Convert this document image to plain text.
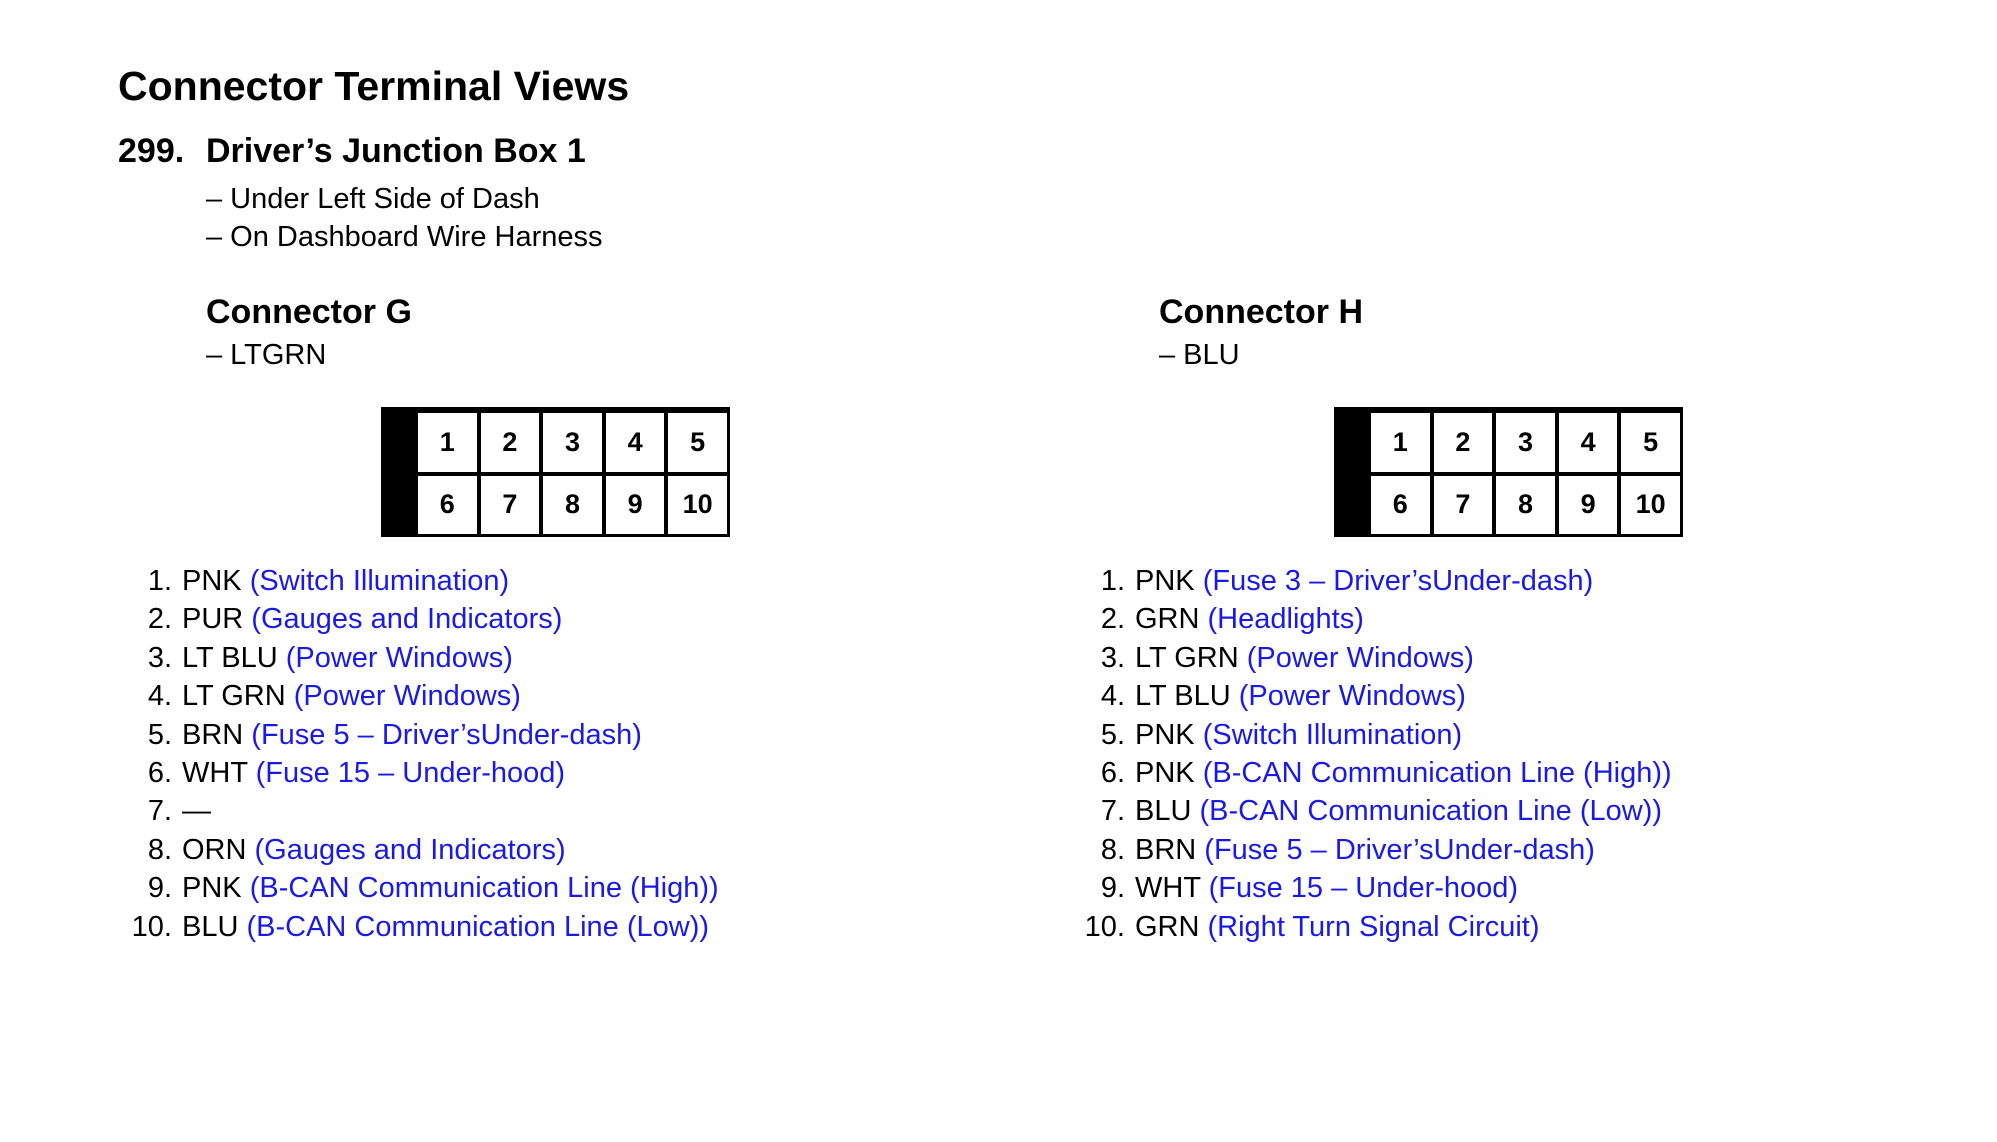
Connector Terminal Views
299. Driver’s Junction Box 1
– Under Left Side of Dash
– On Dashboard Wire Harness
Connector G
– LTGRN
1	2	3	4	5
6	7	8	9	10
1. PNK (Switch Illumination)
2. PUR (Gauges and Indicators)
3. LT BLU (Power Windows)
4. LT GRN (Power Windows)
5. BRN (Fuse 5 – Driver’sUnder-dash)
6. WHT (Fuse 15 – Under-hood)
7. —
8. ORN (Gauges and Indicators)
9. PNK (B-CAN Communication Line (High))
10. BLU (B-CAN Communication Line (Low))
Connector H
– BLU
1	2	3	4	5
6	7	8	9	10
1. PNK (Fuse 3 – Driver’sUnder-dash)
2. GRN (Headlights)
3. LT GRN (Power Windows)
4. LT BLU (Power Windows)
5. PNK (Switch Illumination)
6. PNK (B-CAN Communication Line (High))
7. BLU (B-CAN Communication Line (Low))
8. BRN (Fuse 5 – Driver’sUnder-dash)
9. WHT (Fuse 15 – Under-hood)
10. GRN (Right Turn Signal Circuit)
